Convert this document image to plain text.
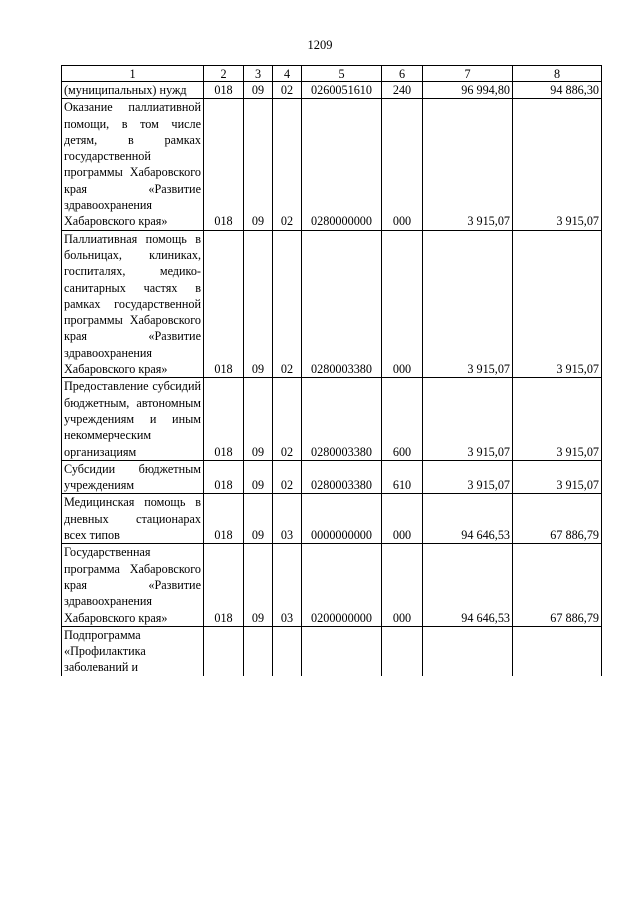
1209
1	2	3	4	5	6	7	8
(муниципальных) нужд	018	09	02	0260051610	240	96 994,80	94 886,30
Оказание паллиативной помощи, в том числе детям, в рамках государственной программы Хабаровского края «Развитие здравоохранения Хабаровского края»	018	09	02	0280000000	000	3 915,07	3 915,07
Паллиативная помощь в больницах, клиниках, госпиталях, медико-санитарных частях в рамках государственной программы Хабаровского края «Развитие здравоохранения Хабаровского края»	018	09	02	0280003380	000	3 915,07	3 915,07
Предоставление субсидий бюджетным, автономным учреждениям и иным некоммерческим организациям	018	09	02	0280003380	600	3 915,07	3 915,07
Субсидии бюджетным учреждениям	018	09	02	0280003380	610	3 915,07	3 915,07
Медицинская помощь в дневных стационарах всех типов	018	09	03	0000000000	000	94 646,53	67 886,79
Государственная программа Хабаровского края «Развитие здравоохранения Хабаровского края»	018	09	03	0200000000	000	94 646,53	67 886,79
Подпрограмма «Профилактика заболеваний и							
